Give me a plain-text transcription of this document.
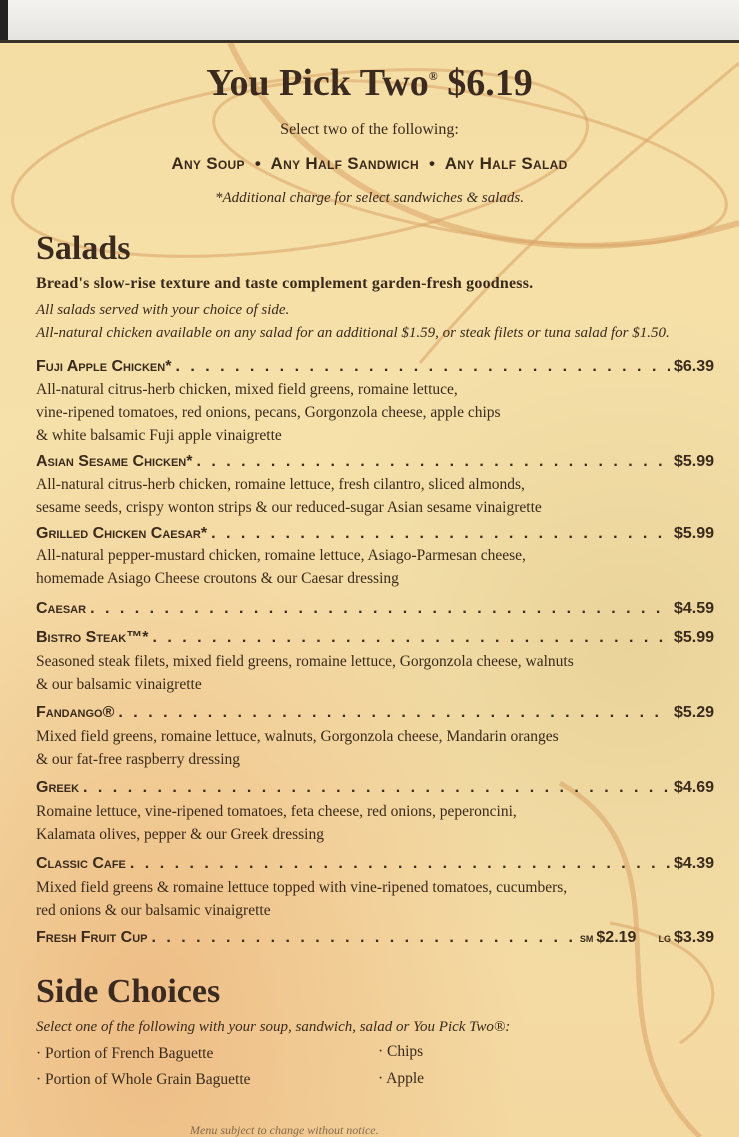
You Pick Two® $6.19
Select two of the following:
Any Soup • Any Half Sandwich • Any Half Salad
*Additional charge for select sandwiches & salads.
Salads
Bread's slow-rise texture and taste complement garden-fresh goodness.
All salads served with your choice of side.
All-natural chicken available on any salad for an additional $1.59, or steak filets or tuna salad for $1.50.
Fuji Apple Chicken* . . .	$6.39
All-natural citrus-herb chicken, mixed field greens, romaine lettuce,
vine-ripened tomatoes, red onions, pecans, Gorgonzola cheese, apple chips
& white balsamic Fuji apple vinaigrette
Asian Sesame Chicken* . . .	$5.99
All-natural citrus-herb chicken, romaine lettuce, fresh cilantro, sliced almonds,
sesame seeds, crispy wonton strips & our reduced-sugar Asian sesame vinaigrette
Grilled Chicken Caesar* . . .	$5.99
All-natural pepper-mustard chicken, romaine lettuce, Asiago-Parmesan cheese,
homemade Asiago Cheese croutons & our Caesar dressing
Caesar . . .	$4.59
Bistro Steak™* . . .	$5.99
Seasoned steak filets, mixed field greens, romaine lettuce, Gorgonzola cheese, walnuts
& our balsamic vinaigrette
Fandango® . . .	$5.29
Mixed field greens, romaine lettuce, walnuts, Gorgonzola cheese, Mandarin oranges
& our fat-free raspberry dressing
Greek . . .	$4.69
Romaine lettuce, vine-ripened tomatoes, feta cheese, red onions, peperoncini,
Kalamata olives, pepper & our Greek dressing
Classic Cafe . . .	$4.39
Mixed field greens & romaine lettuce topped with vine-ripened tomatoes, cucumbers,
red onions & our balsamic vinaigrette
Fresh Fruit Cup . . .	sm $2.19 lg $3.39
Side Choices
Select one of the following with your soup, sandwich, salad or You Pick Two®:
· Portion of French Baguette	· Chips
· Portion of Whole Grain Baguette	· Apple
Menu subject to change without notice.
